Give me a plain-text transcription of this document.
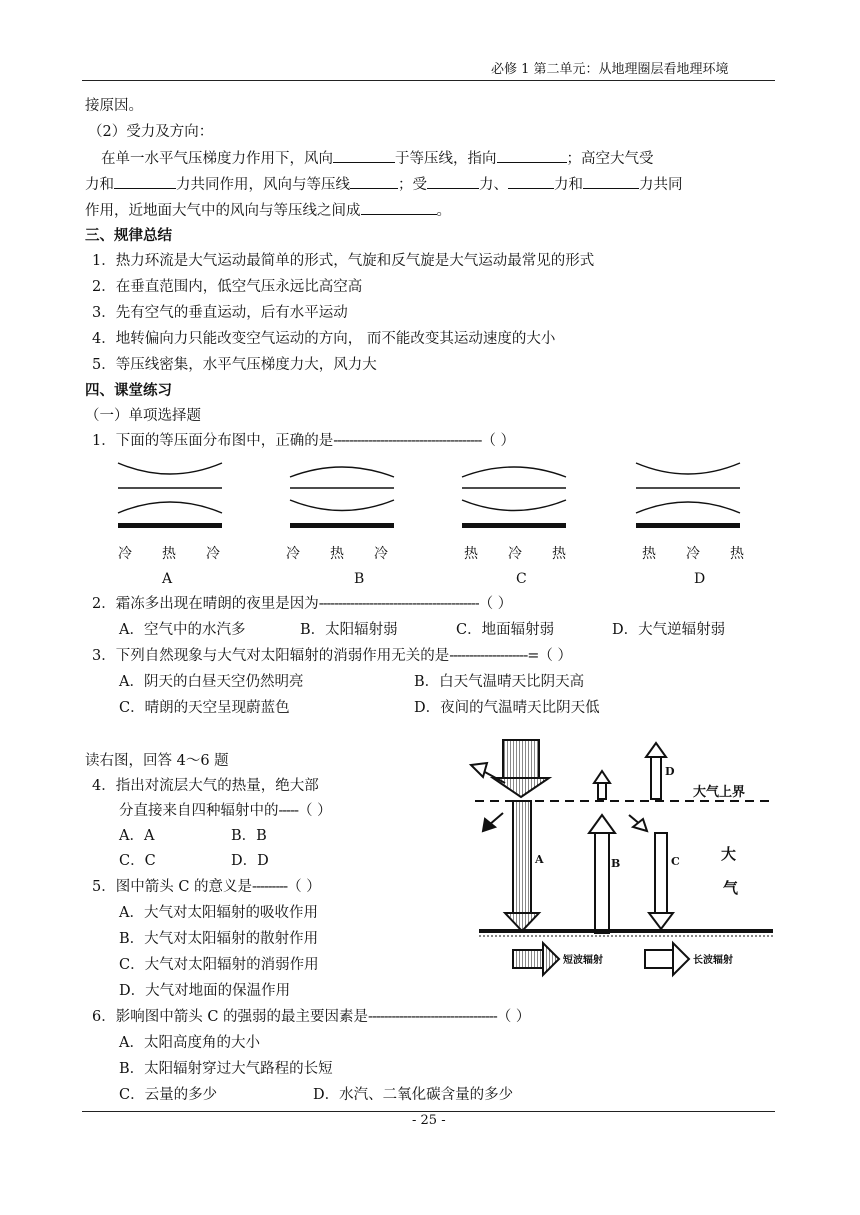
必修 1 第二单元：从地理圈层看地理环境
接原因。
（2）受力及方向：
在单一水平气压梯度力作用下，风向	于等压线，指向	；高空大气受
力和	力共同作用，风向与等压线	；受	力、	力和	力共同
作用，近地面大气中的风向与等压线之间成	。
三、规律总结
1．热力环流是大气运动最简单的形式，气旋和反气旋是大气运动最常见的形式
2．在垂直范围内，低空气压永远比高空高
3．先有空气的垂直运动，后有水平运动
4．地转偏向力只能改变空气运动的方向， 而不能改变其运动速度的大小
5．等压线密集，水平气压梯度力大，风力大
四、课堂练习
（一）单项选择题
1．下面的等压面分布图中，正确的是--------------------------------------（ ）
冷 热 冷
A
冷 热 冷
B
热 冷 热
C
热 冷 热
D
2．霜冻多出现在晴朗的夜里是因为-----------------------------------------（ ）
A．空气中的水汽多	B．太阳辐射弱	C．地面辐射弱	D．大气逆辐射弱
3．下列自然现象与大气对太阳辐射的消弱作用无关的是--------------------=（ ）
A．阴天的白昼天空仍然明亮	B．白天气温晴天比阴天高
C．晴朗的天空呈现蔚蓝色	D．夜间的气温晴天比阴天低
读右图，回答 4～6 题
4．指出对流层大气的热量，绝大部
分直接来自四种辐射中的-----（ ）
A．A	B．B
C．C	D．D
5．图中箭头 C 的意义是---------（ ）
A．大气对太阳辐射的吸收作用
B．大气对太阳辐射的散射作用
C．大气对太阳辐射的消弱作用
D．大气对地面的保温作用
6．影响图中箭头 C 的强弱的最主要因素是---------------------------------（ ）
A．太阳高度角的大小
B．太阳辐射穿过大气路程的长短
C．云量的多少	D．水汽、二氧化碳含量的多少
大气上界
A	B	C
D
大
气
短波辐射	长波辐射
- 25 -
